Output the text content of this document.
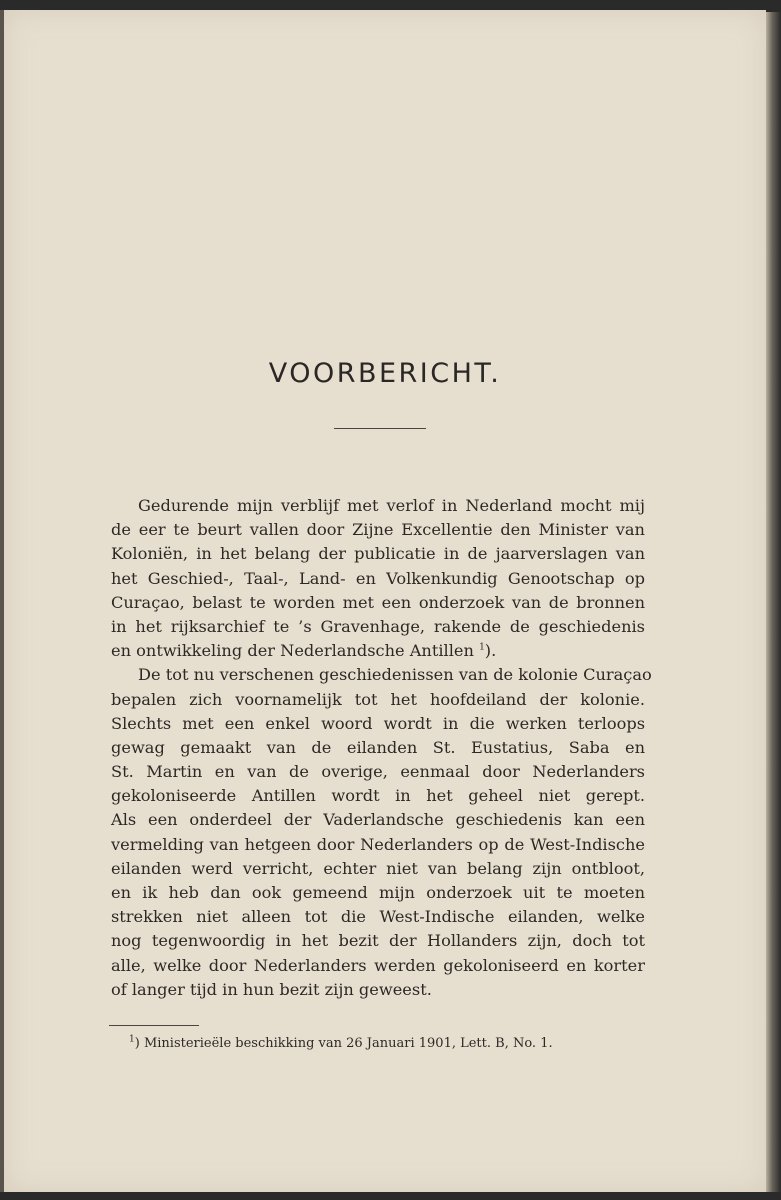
VOORBERICHT.
Gedurende mijn verblijf met verlof in Nederland mocht mij
de eer te beurt vallen door Zijne Excellentie den Minister van
Koloniën, in het belang der publicatie in de jaarverslagen van
het Geschied-, Taal-, Land- en Volkenkundig Genootschap op
Curaçao, belast te worden met een onderzoek van de bronnen
in het rijksarchief te ’s Gravenhage, rakende de geschiedenis
en ontwikkeling der Nederlandsche Antillen $^1$).
De tot nu verschenen geschiedenissen van de kolonie Curaçao
bepalen zich voornamelijk tot het hoofdeiland der kolonie.
Slechts met een enkel woord wordt in die werken terloops
gewag gemaakt van de eilanden St. Eustatius, Saba en
St. Martin en van de overige, eenmaal door Nederlanders
gekoloniseerde Antillen wordt in het geheel niet gerept.
Als een onderdeel der Vaderlandsche geschiedenis kan een
vermelding van hetgeen door Nederlanders op de West-Indische
eilanden werd verricht, echter niet van belang zijn ontbloot,
en ik heb dan ook gemeend mijn onderzoek uit te moeten
strekken niet alleen tot die West-Indische eilanden, welke
nog tegenwoordig in het bezit der Hollanders zijn, doch tot
alle, welke door Nederlanders werden gekoloniseerd en korter
of langer tijd in hun bezit zijn geweest.
$^1$) Ministerieële beschikking van 26 Januari 1901, Lett. B, No. 1.
